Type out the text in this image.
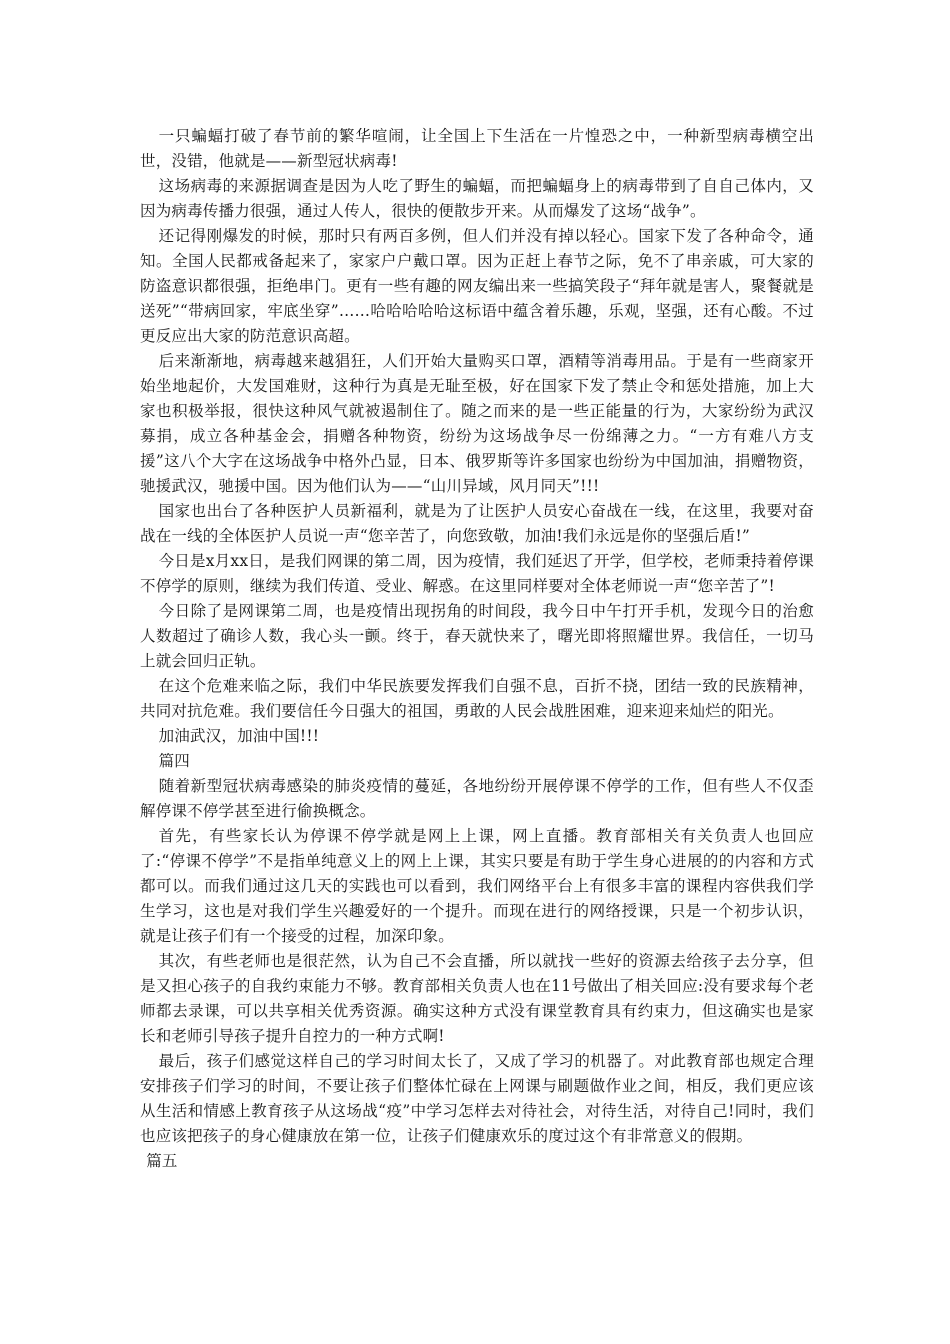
一只蝙蝠打破了春节前的繁华喧闹，让全国上下生活在一片惶恐之中，一种新型病毒横空出世，没错，他就是——新型冠状病毒!

这场病毒的来源据调查是因为人吃了野生的蝙蝠，而把蝙蝠身上的病毒带到了自自己体内，又因为病毒传播力很强，通过人传人，很快的便散步开来。从而爆发了这场“战争”。

还记得刚爆发的时候，那时只有两百多例，但人们并没有掉以轻心。国家下发了各种命令，通知。全国人民都戒备起来了，家家户户戴口罩。因为正赶上春节之际，免不了串亲戚，可大家的防盗意识都很强，拒绝串门。更有一些有趣的网友编出来一些搞笑段子“拜年就是害人，聚餐就是送死”“带病回家，牢底坐穿”……哈哈哈哈哈这标语中蕴含着乐趣，乐观，坚强，还有心酸。不过更反应出大家的防范意识高超。

后来渐渐地，病毒越来越猖狂，人们开始大量购买口罩，酒精等消毒用品。于是有一些商家开始坐地起价，大发国难财，这种行为真是无耻至极，好在国家下发了禁止令和惩处措施，加上大家也积极举报，很快这种风气就被遏制住了。随之而来的是一些正能量的行为，大家纷纷为武汉募捐，成立各种基金会，捐赠各种物资，纷纷为这场战争尽一份绵薄之力。“一方有难八方支援”这八个大字在这场战争中格外凸显，日本、俄罗斯等许多国家也纷纷为中国加油，捐赠物资，驰援武汉，驰援中国。因为他们认为——“山川异域，风月同天”!!!

国家也出台了各种医护人员新福利，就是为了让医护人员安心奋战在一线，在这里，我要对奋战在一线的全体医护人员说一声“您辛苦了，向您致敬，加油!我们永远是你的坚强后盾!”

今日是x月xx日，是我们网课的第二周，因为疫情，我们延迟了开学，但学校，老师秉持着停课不停学的原则，继续为我们传道、受业、解惑。在这里同样要对全体老师说一声“您辛苦了”!

今日除了是网课第二周，也是疫情出现拐角的时间段，我今日中午打开手机，发现今日的治愈人数超过了确诊人数，我心头一颤。终于，春天就快来了，曙光即将照耀世界。我信任，一切马上就会回归正轨。

在这个危难来临之际，我们中华民族要发挥我们自强不息，百折不挠，团结一致的民族精神，共同对抗危难。我们要信任今日强大的祖国，勇敢的人民会战胜困难，迎来迎来灿烂的阳光。

加油武汉，加油中国!!!

篇四

随着新型冠状病毒感染的肺炎疫情的蔓延，各地纷纷开展停课不停学的工作，但有些人不仅歪解停课不停学甚至进行偷换概念。

首先，有些家长认为停课不停学就是网上上课，网上直播。教育部相关有关负责人也回应了:“停课不停学”不是指单纯意义上的网上上课，其实只要是有助于学生身心进展的的内容和方式都可以。而我们通过这几天的实践也可以看到，我们网络平台上有很多丰富的课程内容供我们学生学习，这也是对我们学生兴趣爱好的一个提升。而现在进行的网络授课，只是一个初步认识，就是让孩子们有一个接受的过程，加深印象。

其次，有些老师也是很茫然，认为自己不会直播，所以就找一些好的资源去给孩子去分享，但是又担心孩子的自我约束能力不够。教育部相关负责人也在11号做出了相关回应:没有要求每个老师都去录课，可以共享相关优秀资源。确实这种方式没有课堂教育具有约束力，但这确实也是家长和老师引导孩子提升自控力的一种方式啊!

最后，孩子们感觉这样自己的学习时间太长了，又成了学习的机器了。对此教育部也规定合理安排孩子们学习的时间，不要让孩子们整体忙碌在上网课与刷题做作业之间，相反，我们更应该从生活和情感上教育孩子从这场战“疫”中学习怎样去对待社会，对待生活，对待自己!同时，我们也应该把孩子的身心健康放在第一位，让孩子们健康欢乐的度过这个有非常意义的假期。

篇五
